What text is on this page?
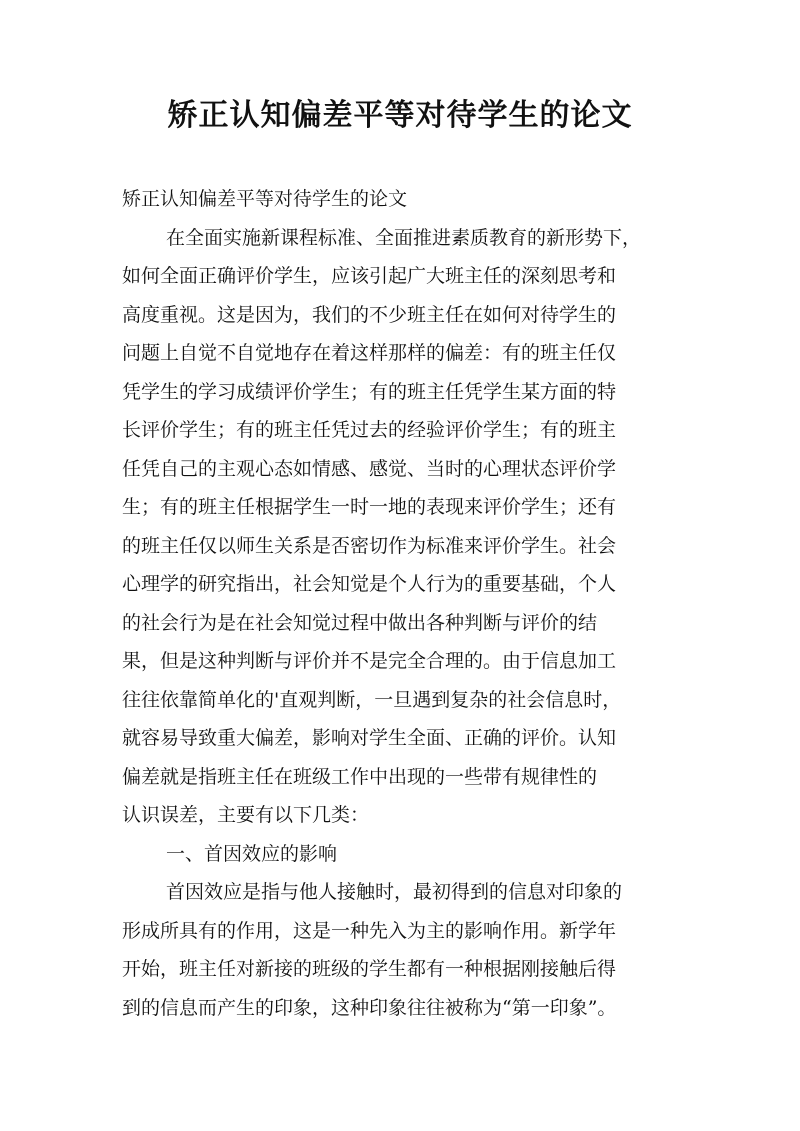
矫正认知偏差平等对待学生的论文
矫正认知偏差平等对待学生的论文
在全面实施新课程标准、全面推进素质教育的新形势下，
如何全面正确评价学生，应该引起广大班主任的深刻思考和
高度重视。这是因为，我们的不少班主任在如何对待学生的
问题上自觉不自觉地存在着这样那样的偏差：有的班主任仅
凭学生的学习成绩评价学生；有的班主任凭学生某方面的特
长评价学生；有的班主任凭过去的经验评价学生；有的班主
任凭自己的主观心态如情感、感觉、当时的心理状态评价学
生；有的班主任根据学生一时一地的表现来评价学生；还有
的班主任仅以师生关系是否密切作为标准来评价学生。社会
心理学的研究指出，社会知觉是个人行为的重要基础，个人
的社会行为是在社会知觉过程中做出各种判断与评价的结
果，但是这种判断与评价并不是完全合理的。由于信息加工
往往依靠简单化的'直观判断，一旦遇到复杂的社会信息时，
就容易导致重大偏差，影响对学生全面、正确的评价。认知
偏差就是指班主任在班级工作中出现的一些带有规律性的
认识误差，主要有以下几类：
一、首因效应的影响
首因效应是指与他人接触时，最初得到的信息对印象的
形成所具有的作用，这是一种先入为主的影响作用。新学年
开始，班主任对新接的班级的学生都有一种根据刚接触后得
到的信息而产生的印象，这种印象往往被称为“第一印象”。
